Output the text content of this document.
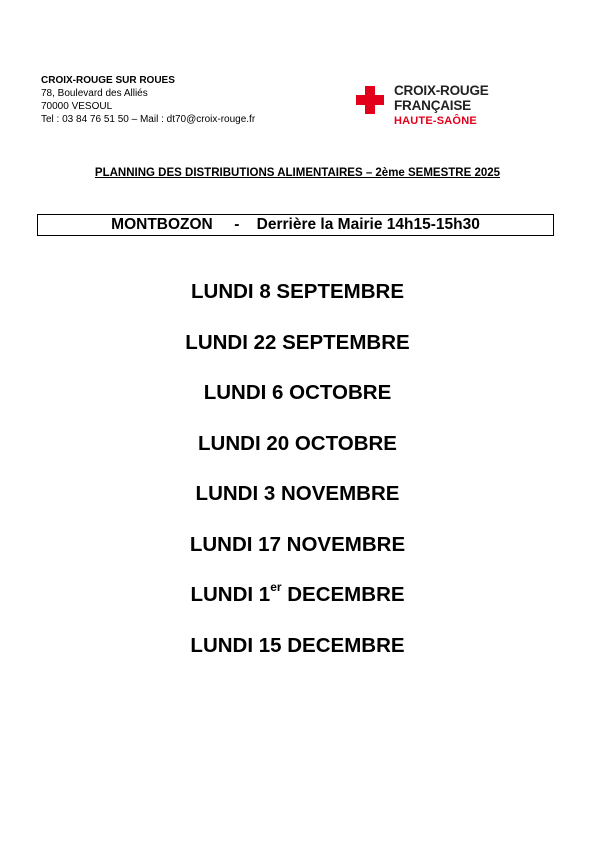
CROIX-ROUGE SUR ROUES
78, Boulevard des Alliés
70000 VESOUL
Tel : 03 84 76 51 50 – Mail : dt70@croix-rouge.fr
CROIX-ROUGE
FRANÇAISE
HAUTE-SAÔNE
PLANNING DES DISTRIBUTIONS ALIMENTAIRES – 2ème SEMESTRE 2025
MONTBOZON     -    Derrière la Mairie 14h15-15h30
LUNDI 8 SEPTEMBRE
LUNDI 22 SEPTEMBRE
LUNDI 6 OCTOBRE
LUNDI 20 OCTOBRE
LUNDI 3 NOVEMBRE
LUNDI 17 NOVEMBRE
LUNDI 1er DECEMBRE
LUNDI 15 DECEMBRE
